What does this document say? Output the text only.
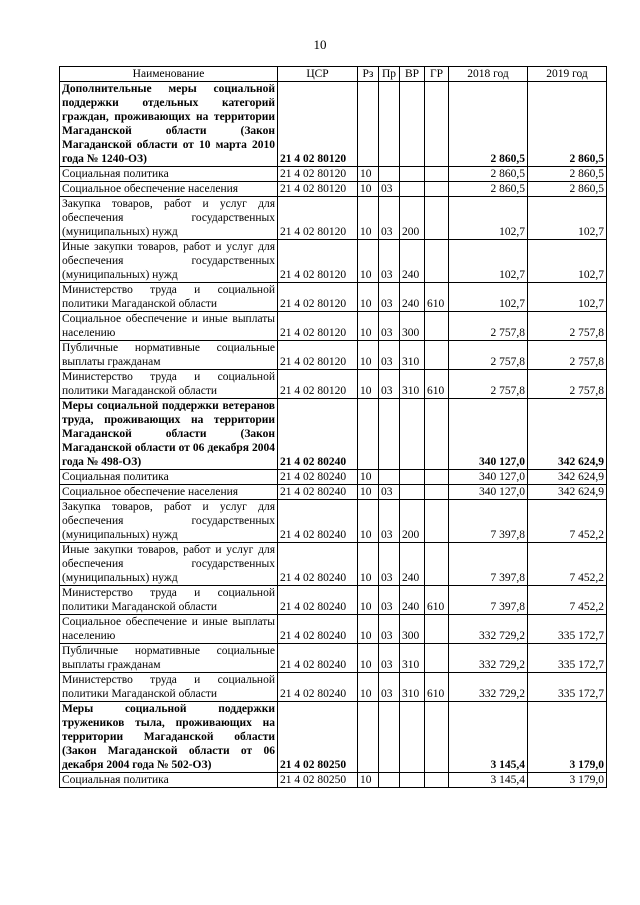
10
Наименование	ЦСР	Рз	Пр	ВР	ГР	2018 год	2019 год
Дополнительные меры социальной поддержки отдельных категорий граждан, проживающих на территории Магаданской области (Закон Магаданской области от 10 марта 2010 года № 1240-ОЗ)	21 4 02 80120					2 860,5	2 860,5
Социальная политика	21 4 02 80120	10				2 860,5	2 860,5
Социальное обеспечение населения	21 4 02 80120	10	03			2 860,5	2 860,5
Закупка товаров, работ и услуг для обеспечения государственных (муниципальных) нужд	21 4 02 80120	10	03	200		102,7	102,7
Иные закупки товаров, работ и услуг для обеспечения государственных (муниципальных) нужд	21 4 02 80120	10	03	240		102,7	102,7
Министерство труда и социальной политики Магаданской области	21 4 02 80120	10	03	240	610	102,7	102,7
Социальное обеспечение и иные выплаты населению	21 4 02 80120	10	03	300		2 757,8	2 757,8
Публичные нормативные социальные выплаты гражданам	21 4 02 80120	10	03	310		2 757,8	2 757,8
Министерство труда и социальной политики Магаданской области	21 4 02 80120	10	03	310	610	2 757,8	2 757,8
Меры социальной поддержки ветеранов труда, проживающих на территории Магаданской области (Закон Магаданской области от 06 декабря 2004 года № 498-ОЗ)	21 4 02 80240					340 127,0	342 624,9
Социальная политика	21 4 02 80240	10				340 127,0	342 624,9
Социальное обеспечение населения	21 4 02 80240	10	03			340 127,0	342 624,9
Закупка товаров, работ и услуг для обеспечения государственных (муниципальных) нужд	21 4 02 80240	10	03	200		7 397,8	7 452,2
Иные закупки товаров, работ и услуг для обеспечения государственных (муниципальных) нужд	21 4 02 80240	10	03	240		7 397,8	7 452,2
Министерство труда и социальной политики Магаданской области	21 4 02 80240	10	03	240	610	7 397,8	7 452,2
Социальное обеспечение и иные выплаты населению	21 4 02 80240	10	03	300		332 729,2	335 172,7
Публичные нормативные социальные выплаты гражданам	21 4 02 80240	10	03	310		332 729,2	335 172,7
Министерство труда и социальной политики Магаданской области	21 4 02 80240	10	03	310	610	332 729,2	335 172,7
Меры социальной поддержки тружеников тыла, проживающих на территории Магаданской области (Закон Магаданской области от 06 декабря 2004 года № 502-ОЗ)	21 4 02 80250					3 145,4	3 179,0
Социальная политика	21 4 02 80250	10				3 145,4	3 179,0
